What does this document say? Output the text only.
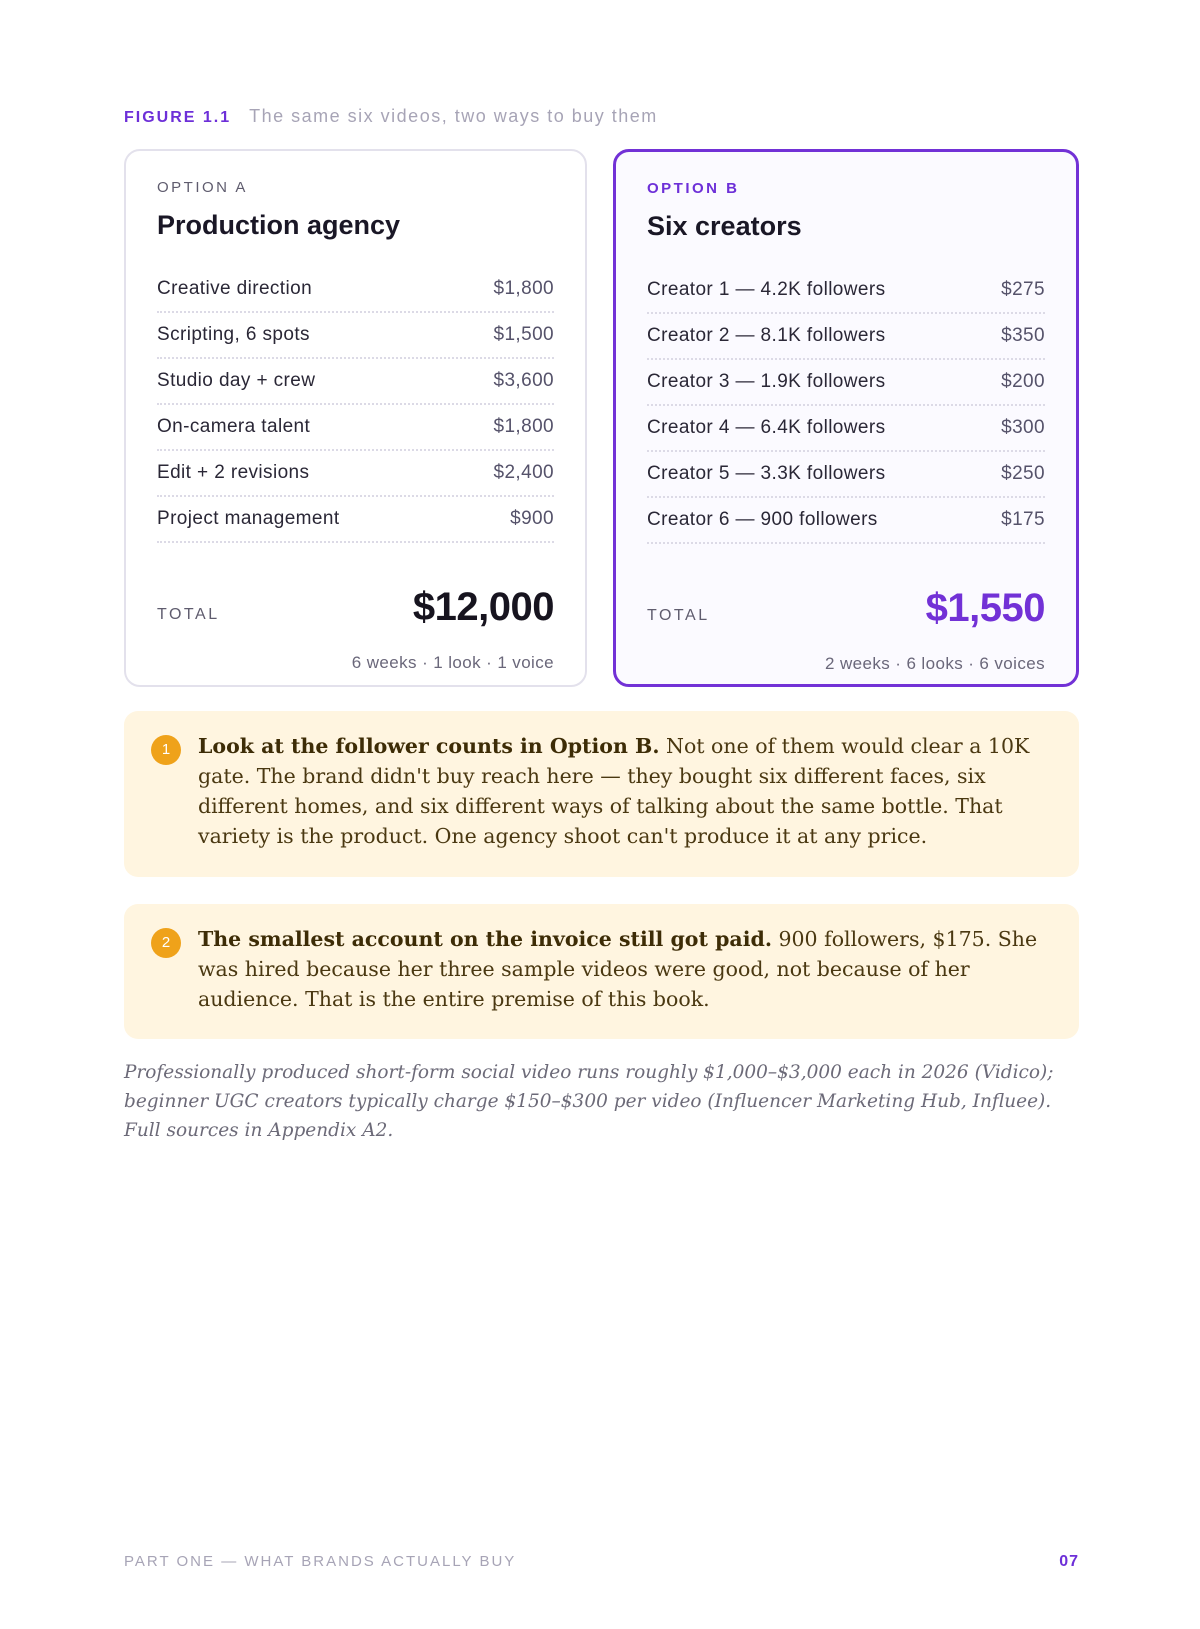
FIGURE 1.1 The same six videos, two ways to buy them
OPTION A
Production agency
Creative direction	$1,800
Scripting, 6 spots	$1,500
Studio day + crew	$3,600
On-camera talent	$1,800
Edit + 2 revisions	$2,400
Project management	$900
TOTAL	$12,000
6 weeks · 1 look · 1 voice
OPTION B
Six creators
Creator 1 — 4.2K followers	$275
Creator 2 — 8.1K followers	$350
Creator 3 — 1.9K followers	$200
Creator 4 — 6.4K followers	$300
Creator 5 — 3.3K followers	$250
Creator 6 — 900 followers	$175
TOTAL	$1,550
2 weeks · 6 looks · 6 voices
1	Look at the follower counts in Option B. Not one of them would clear a 10K gate. The brand didn't buy reach here — they bought six different faces, six different homes, and six different ways of talking about the same bottle. That variety is the product. One agency shoot can't produce it at any price.
2	The smallest account on the invoice still got paid. 900 followers, $175. She was hired because her three sample videos were good, not because of her audience. That is the entire premise of this book.
Professionally produced short-form social video runs roughly $1,000–$3,000 each in 2026 (Vidico); beginner UGC creators typically charge $150–$300 per video (Influencer Marketing Hub, Influee). Full sources in Appendix A2.
PART ONE — WHAT BRANDS ACTUALLY BUY	07
